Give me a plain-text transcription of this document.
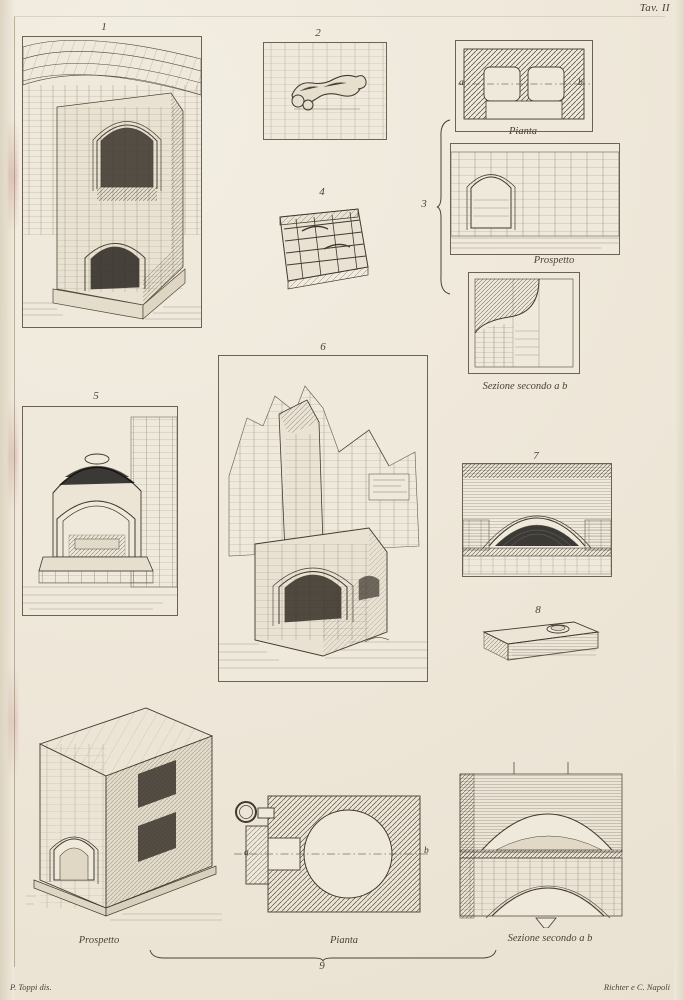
Tav. II
1	2
3
a	b
Pianta
Prospetto
Sezione secondo a b
4
5
6
7
8
Prospetto
a	b
Pianta	Sezione secondo a b
9
P. Toppi dis.	Richter e C. Napoli
